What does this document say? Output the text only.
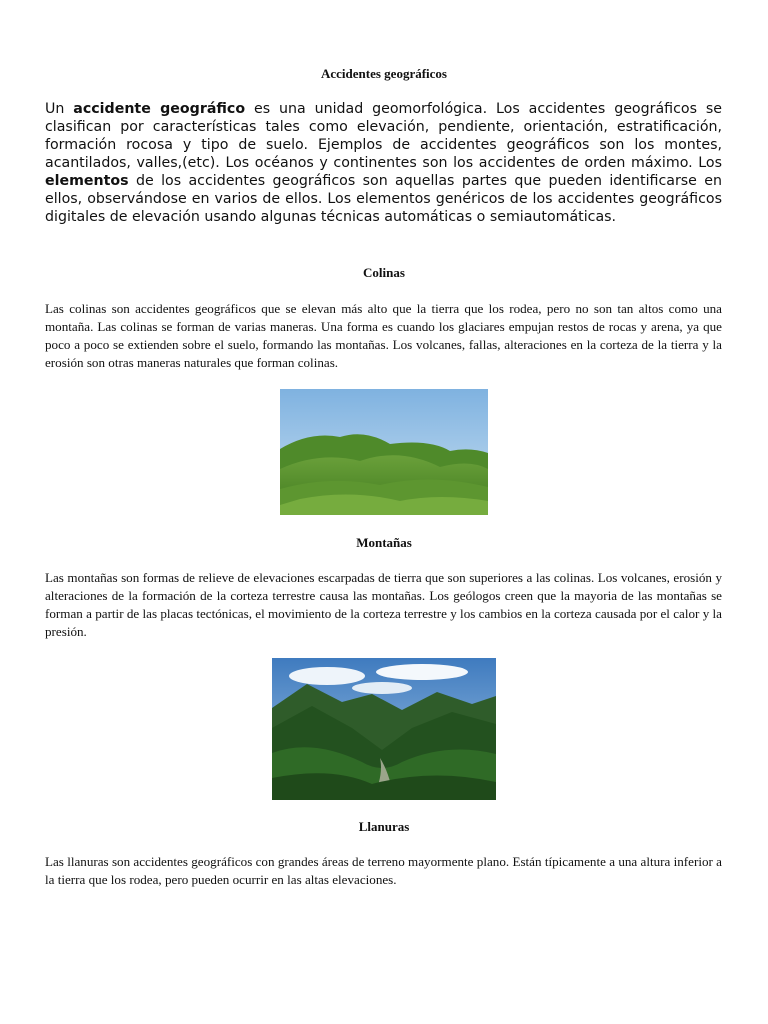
Accidentes geográficos
Un accidente geográfico es una unidad geomorfológica. Los accidentes geográficos se clasifican por características tales como elevación, pendiente, orientación, estratificación, formación rocosa y tipo de suelo. Ejemplos de accidentes geográficos son los montes, acantilados, valles,(etc). Los océanos y continentes son los accidentes de orden máximo. Los elementos de los accidentes geográficos son aquellas partes que pueden identificarse en ellos, observándose en varios de ellos. Los elementos genéricos de los accidentes geográficos digitales de elevación usando algunas técnicas automáticas o semiautomáticas.
Colinas
Las colinas son accidentes geográficos que se elevan más alto que la tierra que los rodea, pero no son tan altos como una montaña. Las colinas se forman de varias maneras. Una forma es cuando los glaciares empujan restos de rocas y arena, ya que poco a poco se extienden sobre el suelo, formando las montañas. Los volcanes, fallas, alteraciones en la corteza de la tierra y la erosión son otras maneras naturales que forman colinas.
Montañas
Las montañas son formas de relieve de elevaciones escarpadas de tierra que son superiores a las colinas. Los volcanes, erosión y alteraciones de la formación de la corteza terrestre causa las montañas. Los geólogos creen que la mayoria de las montañas se forman a partir de las placas tectónicas, el movimiento de la corteza terrestre y los cambios en la corteza causada por el calor y la presión.
Llanuras
Las llanuras son accidentes geográficos con grandes áreas de terreno mayormente plano. Están típicamente a una altura inferior a la tierra que los rodea, pero pueden ocurrir en las altas elevaciones.
